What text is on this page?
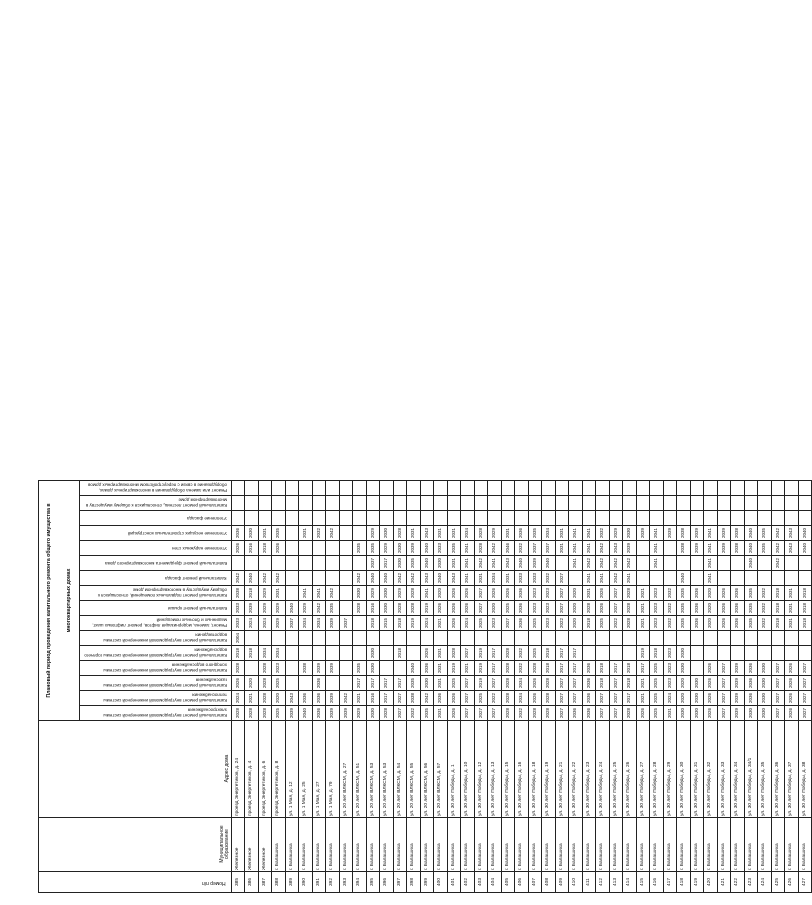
Номер п/п	Муниципальное образование	Адрес дома	Плановый период проведения капитального ремонта общего имущества в многоквартирных домах															
			Капитальный ремонт внутридомовой инженерной системы электроснабжения	Капитальный ремонт внутридомовой инженерной системы теплоснабжения	Капитальный ремонт внутридомовой инженерной системы газоснабжения	Капитальный ремонт внутридомовой инженерной системы холодного водоснабжения	Капитальный ремонт внутридомовой инженерной системы горячего водоснабжения	Капитальный ремонт внутридомовой инженерной системы водоотведения	Ремонт, замена, модернизация лифтов, ремонт лифтовых шахт, машинных и блочных помещений	Капитальный ремонт крыши	Капитальный ремонт подвальных помещений, относящихся к общему имуществу в многоквартирном доме	Капитальный ремонт фасада	Капитальный ремонт фундамента многоквартирного дома	Утепление наружных стен	Утепление несущих строительных конструкций	Утепление фасада	Капитальный ремонт лестниц, относящихся к общему имуществу в многоквартирном доме	Ремонт или замена оборудования в многоквартирных домах, оборудование в связи с переустройством многоквартирных домов
385	Железное	проезд Энергетиков, д. 24	2028	2024	2026	2028	2018	2004	2033	2033	2038	2042		2026	2036			
386	Железное	проезд Энергетиков, д. 4	2028	2021	2020		2018		2024	2039	2018	2040		2016	2030			
387	Железное	проезд Энергетиков, д. 6	2028	2028	2028	2028	2034		2024	2029	2029	2042		2018	2031			
388	г. Балашиха	проезд Энергетиков, д. 8	2025	2020	2025	2023	2034		2029	2029	2031	2042		2026	2035			
389	г. Балашиха	ул. 1 Мая, д. 12	2039	2043					2037	2040								
390	г. Балашиха	ул. 1 Мая, д. 25	2040	2036		2038			2034	2029	2041				2031			
391	г. Балашиха	ул. 1 Мая, д. 27	2036	2036	2036	2039			2034	2042	2041				2032			
392	г. Балашиха	ул. 1 Мая, д. 79	2039	2039		2039			2039	2035	2042				2042			
393	г. Балашиха	ул. 20 лет ВЛКСМ, д. 27	2039	2042					2037									
394	г. Балашиха	ул. 20 лет ВЛКСМ, д. 51	2029	2021	2017	2035				2028	2030	2042		2035				
395	г. Балашиха	ул. 20 лет ВЛКСМ, д. 53	2030	2016	2017	2030	2030		2018	2016	2029	2040	2037	2035	2029			
396	г. Балашиха	ул. 20 лет ВЛКСМ, д. 53	2028	2017	2017				2015	2030	2030	2040	2017	2029	2030			
397	г. Балашиха	ул. 20 лет ВЛКСМ, д. 54	2027	2027	2017		2018		2018	2028	2029	2042	2030	2030	2028			
398	г. Балашиха	ул. 20 лет ВЛКСМ, д. 55	2032	2038	2035	2040			2019	2028	2028	2042	2035	2039	2031			
399	г. Балашиха	ул. 20 лет ВЛКСМ, д. 56	2035	2042	2030	2036	2026		2024	2019	2041	2043	2040	2040	2043			
400	г. Балашиха	ул. 20 лет ВЛКСМ, д. 57	2031	2036	2031	2031	2031		2021	2026	2020	2040	2030	2033	2031			
401	г. Балашиха	ул. 30 лет Победы, д. 1	2026	2026	2025	2019	2028		2026	2026	2026	2043	2031	2035	2031			
402	г. Балашиха	ул. 30 лет Победы, д. 10	2027	2027	2027	2021	2027		2024	2026	2026	2041	2041	2041	2034			
403	г. Балашиха	ул. 30 лет Победы, д. 12	2027	2025	2019	2019	2019		2025	2027	2027	2031	2042	2028	2028			
404	г. Балашиха	ул. 30 лет Победы, д. 13	2027	2022	2027	2017	2017		2023	2020	2026	2034	2041	2042	2029			
405	г. Балашиха	ул. 30 лет Победы, д. 15	2028	2028	2028	2028	2028		2027	2025	2026	2031	2043	2046	2031			
406	г. Балашиха	ул. 30 лет Победы, д. 16	2032	2034	2034	2032	2032		2036	2036	2036	2033	2040	2032	2036			
407	г. Балашиха	ул. 30 лет Победы, д. 18	2028	2026	2026	2028	2025		2025	2023	2023	2033	2039	2037	2035			
408	г. Балашиха	ул. 30 лет Победы, д. 19	2028	2028	2028	2018	2018		2023	2023	2023	2032	2040	2037	2034			
409	г. Балашиха	ул. 30 лет Победы, д. 21	2027	2027	2027	2017	2017		2022	2027	2027	2027		2031	2031			
410	г. Балашиха	ул. 30 лет Победы, д. 22	2036	2027	2027	2017	2017		2020	2020	2020		2041	2041	2041			
411	г. Балашиха	ул. 30 лет Победы, д. 23	2036	2036	2036	2036			2018	2028	2031	2041	2042	2041	2041			
412	г. Балашиха	ул. 30 лет Победы, д. 24	2027	2027	2018	2018			2025	2026	2026	2041	2042	2042	2032			
413	г. Балашиха	ул. 30 лет Победы, д. 25	2027	2027	2027	2017			2022	2027	2027	2042	2042	2043	2029			
414	г. Балашиха	ул. 30 лет Победы, д. 26	2028	2017	2018	2018			2028	2028	2028	2041	2042	2039	2030			
415	г. Балашиха	ул. 30 лет Победы, д. 27	2026	2021	2021	2017	2019		2021	2021	2021				2039			
416	г. Балашиха	ул. 30 лет Победы, д. 28	2025	2025	2025	2025	2018		2023	2023	2023		2041	2041	2041			
417	г. Балашиха	ул. 30 лет Победы, д. 29	2031	2024	2023	2023	2023		2032	2032	2032				2039			
418	г. Балашиха	ул. 30 лет Победы, д. 30	2030	2020	2020	2030	2030		2035	2035	2035	2040		2038	2038			
419	г. Балашиха	ул. 30 лет Победы, д. 31	2030	2030	2030				2036	2036	2036			2039	2039			
420	г. Балашиха	ул. 30 лет Победы, д. 32	2026	2026	2026	2026			2020	2020	2020	2041	2041	2041	2041			
421	г. Балашиха	ул. 30 лет Победы, д. 33	2027	2027	2027	2027			2026	2026	2026			2039	2039			
422	г. Балашиха	ул. 30 лет Победы, д. 34	2039	2039	2039	2039			2036	2036	2036			2038	2038			
423	г. Балашиха	ул. 30 лет Победы, д. 34/1	2030	2036	2036	2036			2035	2035	2035		2040	2040	2040			
424	г. Балашиха	ул. 30 лет Победы, д. 35	2030	2030	2030	2030			2032	2032	2032			2035	2035			
425	г. Балашиха	ул. 30 лет Победы, д. 36	2027	2027	2027	2027			2018	2018	2018		2042	2042	2042			
426	г. Балашиха	ул. 30 лет Победы, д. 37	2026	2026	2026	2026			2031	2031	2031			2043	2043			
427	г. Балашиха	ул. 30 лет Победы, д. 38	2027	2027	2027	2027			2018	2018	2018			2040	2040			
